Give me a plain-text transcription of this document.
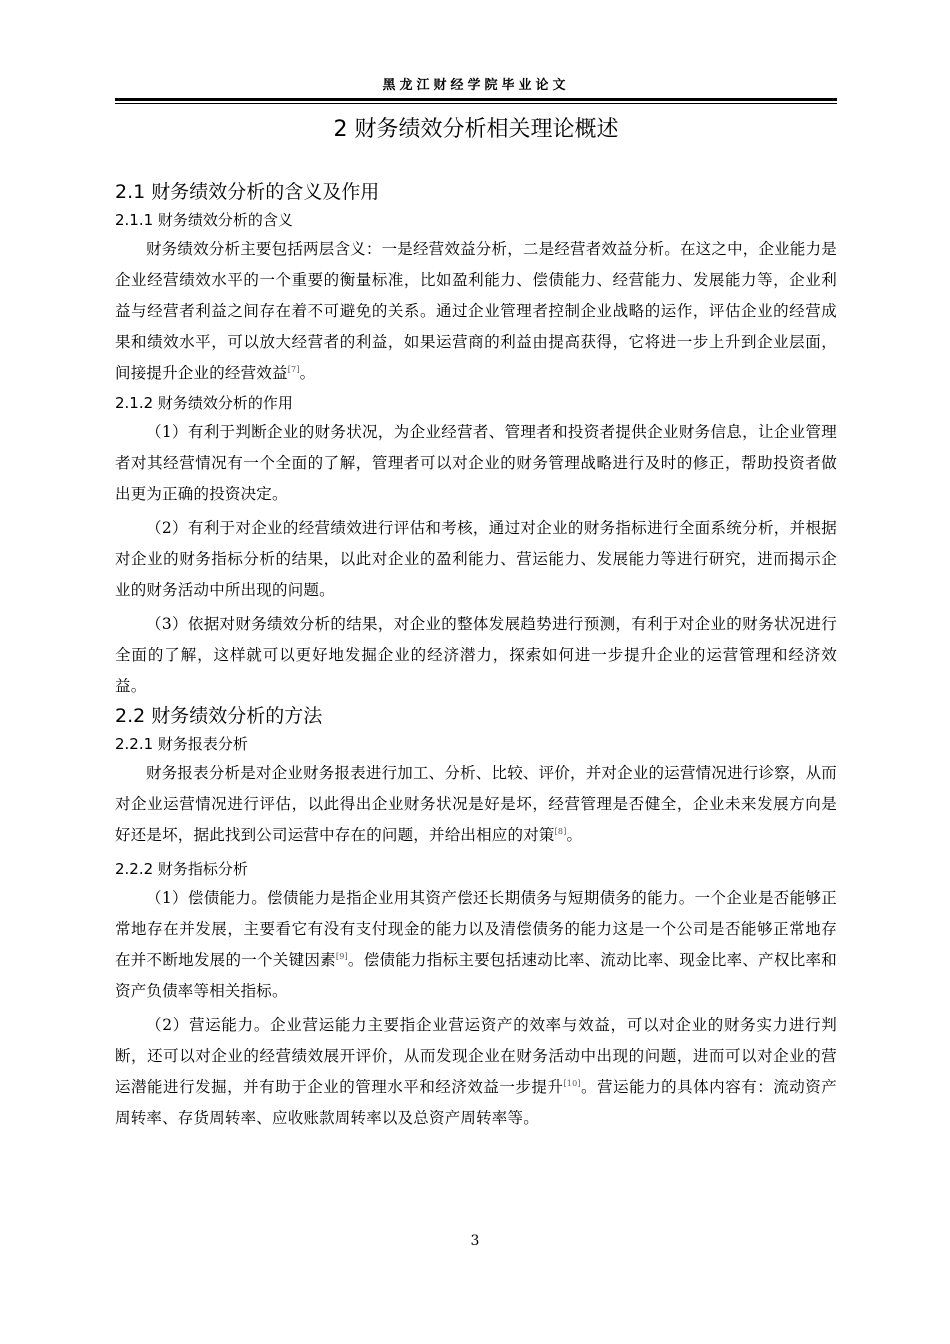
黑龙江财经学院毕业论文
2 财务绩效分析相关理论概述
2.1 财务绩效分析的含义及作用
2.1.1 财务绩效分析的含义

财务绩效分析主要包括两层含义：一是经营效益分析，二是经营者效益分析。在这之中，企业能力是企业经营绩效水平的一个重要的衡量标准，比如盈利能力、偿债能力、经营能力、发展能力等，企业利益与经营者利益之间存在着不可避免的关系。通过企业管理者控制企业战略的运作，评估企业的经营成果和绩效水平，可以放大经营者的利益，如果运营商的利益由提高获得，它将进一步上升到企业层面，间接提升企业的经营效益[7]。

2.1.2 财务绩效分析的作用

（1）有利于判断企业的财务状况，为企业经营者、管理者和投资者提供企业财务信息，让企业管理者对其经营情况有一个全面的了解，管理者可以对企业的财务管理战略进行及时的修正，帮助投资者做出更为正确的投资决定。

（2）有利于对企业的经营绩效进行评估和考核，通过对企业的财务指标进行全面系统分析，并根据对企业的财务指标分析的结果，以此对企业的盈利能力、营运能力、发展能力等进行研究，进而揭示企业的财务活动中所出现的问题。

（3）依据对财务绩效分析的结果，对企业的整体发展趋势进行预测，有利于对企业的财务状况进行全面的了解，这样就可以更好地发掘企业的经济潜力，探索如何进一步提升企业的运营管理和经济效益。

2.2 财务绩效分析的方法
2.2.1 财务报表分析

财务报表分析是对企业财务报表进行加工、分析、比较、评价，并对企业的运营情况进行诊察，从而对企业运营情况进行评估，以此得出企业财务状况是好是坏，经营管理是否健全，企业未来发展方向是好还是坏，据此找到公司运营中存在的问题，并给出相应的对策[8]。

2.2.2 财务指标分析

（1）偿债能力。偿债能力是指企业用其资产偿还长期债务与短期债务的能力。一个企业是否能够正常地存在并发展，主要看它有没有支付现金的能力以及清偿债务的能力这是一个公司是否能够正常地存在并不断地发展的一个关键因素[9]。偿债能力指标主要包括速动比率、流动比率、现金比率、产权比率和资产负债率等相关指标。

（2）营运能力。企业营运能力主要指企业营运资产的效率与效益，可以对企业的财务实力进行判断，还可以对企业的经营绩效展开评价，从而发现企业在财务活动中出现的问题，进而可以对企业的营运潜能进行发掘，并有助于企业的管理水平和经济效益一步提升[10]。营运能力的具体内容有：流动资产周转率、存货周转率、应收账款周转率以及总资产周转率等。

3
